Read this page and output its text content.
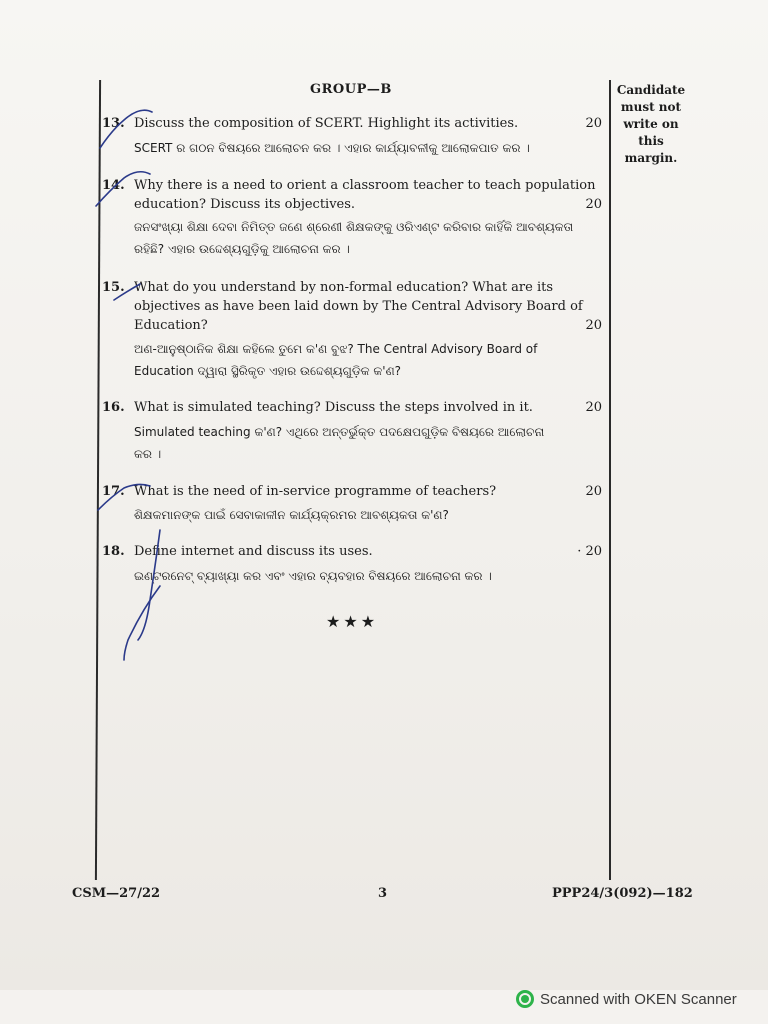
Candidate
must not
write on
this margin.
GROUP—B
13. Discuss the composition of SCERT. Highlight its activities.	20
SCERT ର ଗଠନ ବିଷୟରେ ଆଲୋଚନ କର । ଏହାର କାର୍ଯ୍ୟାବଳୀକୁ ଆଲୋକପାତ କର ।
14. Why there is a need to orient a classroom teacher to teach population
education? Discuss its objectives.	20
ଜନସଂଖ୍ୟା ଶିକ୍ଷା ଦେବା ନିମିତ୍ତ ଜଣେ ଶ୍ରେଣୀ ଶିକ୍ଷକଙ୍କୁ ଓରିଏଣ୍ଟ କରିବାର କାହିଁକି ଆବଶ୍ୟକତା
ରହିଛି? ଏହାର ଉଦ୍ଦେଶ୍ୟଗୁଡ଼ିକୁ ଆଲୋଚନା କର ।
15. What do you understand by non-formal education? What are its
objectives as have been laid down by The Central Advisory Board of
Education?	20
ଅଣ-ଆନୁଷ୍ଠାନିକ ଶିକ୍ଷା କହିଲେ ତୁମେ କ'ଣ ବୁଝ? The Central Advisory Board of
Education ଦ୍ୱାରା ସ୍ଥିରିକୃତ ଏହାର ଉଦ୍ଦେଶ୍ୟଗୁଡ଼ିକ କ'ଣ?
16. What is simulated teaching? Discuss the steps involved in it.	20
Simulated teaching କ'ଣ? ଏଥିରେ ଅନ୍ତର୍ଭୁକ୍ତ ପଦକ୍ଷେପଗୁଡ଼ିକ ବିଷୟରେ ଆଲୋଚନା
କର ।
17. What is the need of in-service programme of teachers?	20
ଶିକ୍ଷକମାନଙ୍କ ପାଇଁ ସେବାକାଳୀନ କାର୍ଯ୍ୟକ୍ରମର ଆବଶ୍ୟକତା କ'ଣ?
18. Define internet and discuss its uses.	· 20
ଇଣ୍ଟରନେଟ୍ ବ୍ୟାଖ୍ୟା କର ଏବଂ ଏହାର ବ୍ୟବହାର ବିଷୟରେ ଆଲୋଚନା କର ।
★★★
CSM—27/22	3	PPP24/3(092)—182
Scanned with OKEN Scanner
